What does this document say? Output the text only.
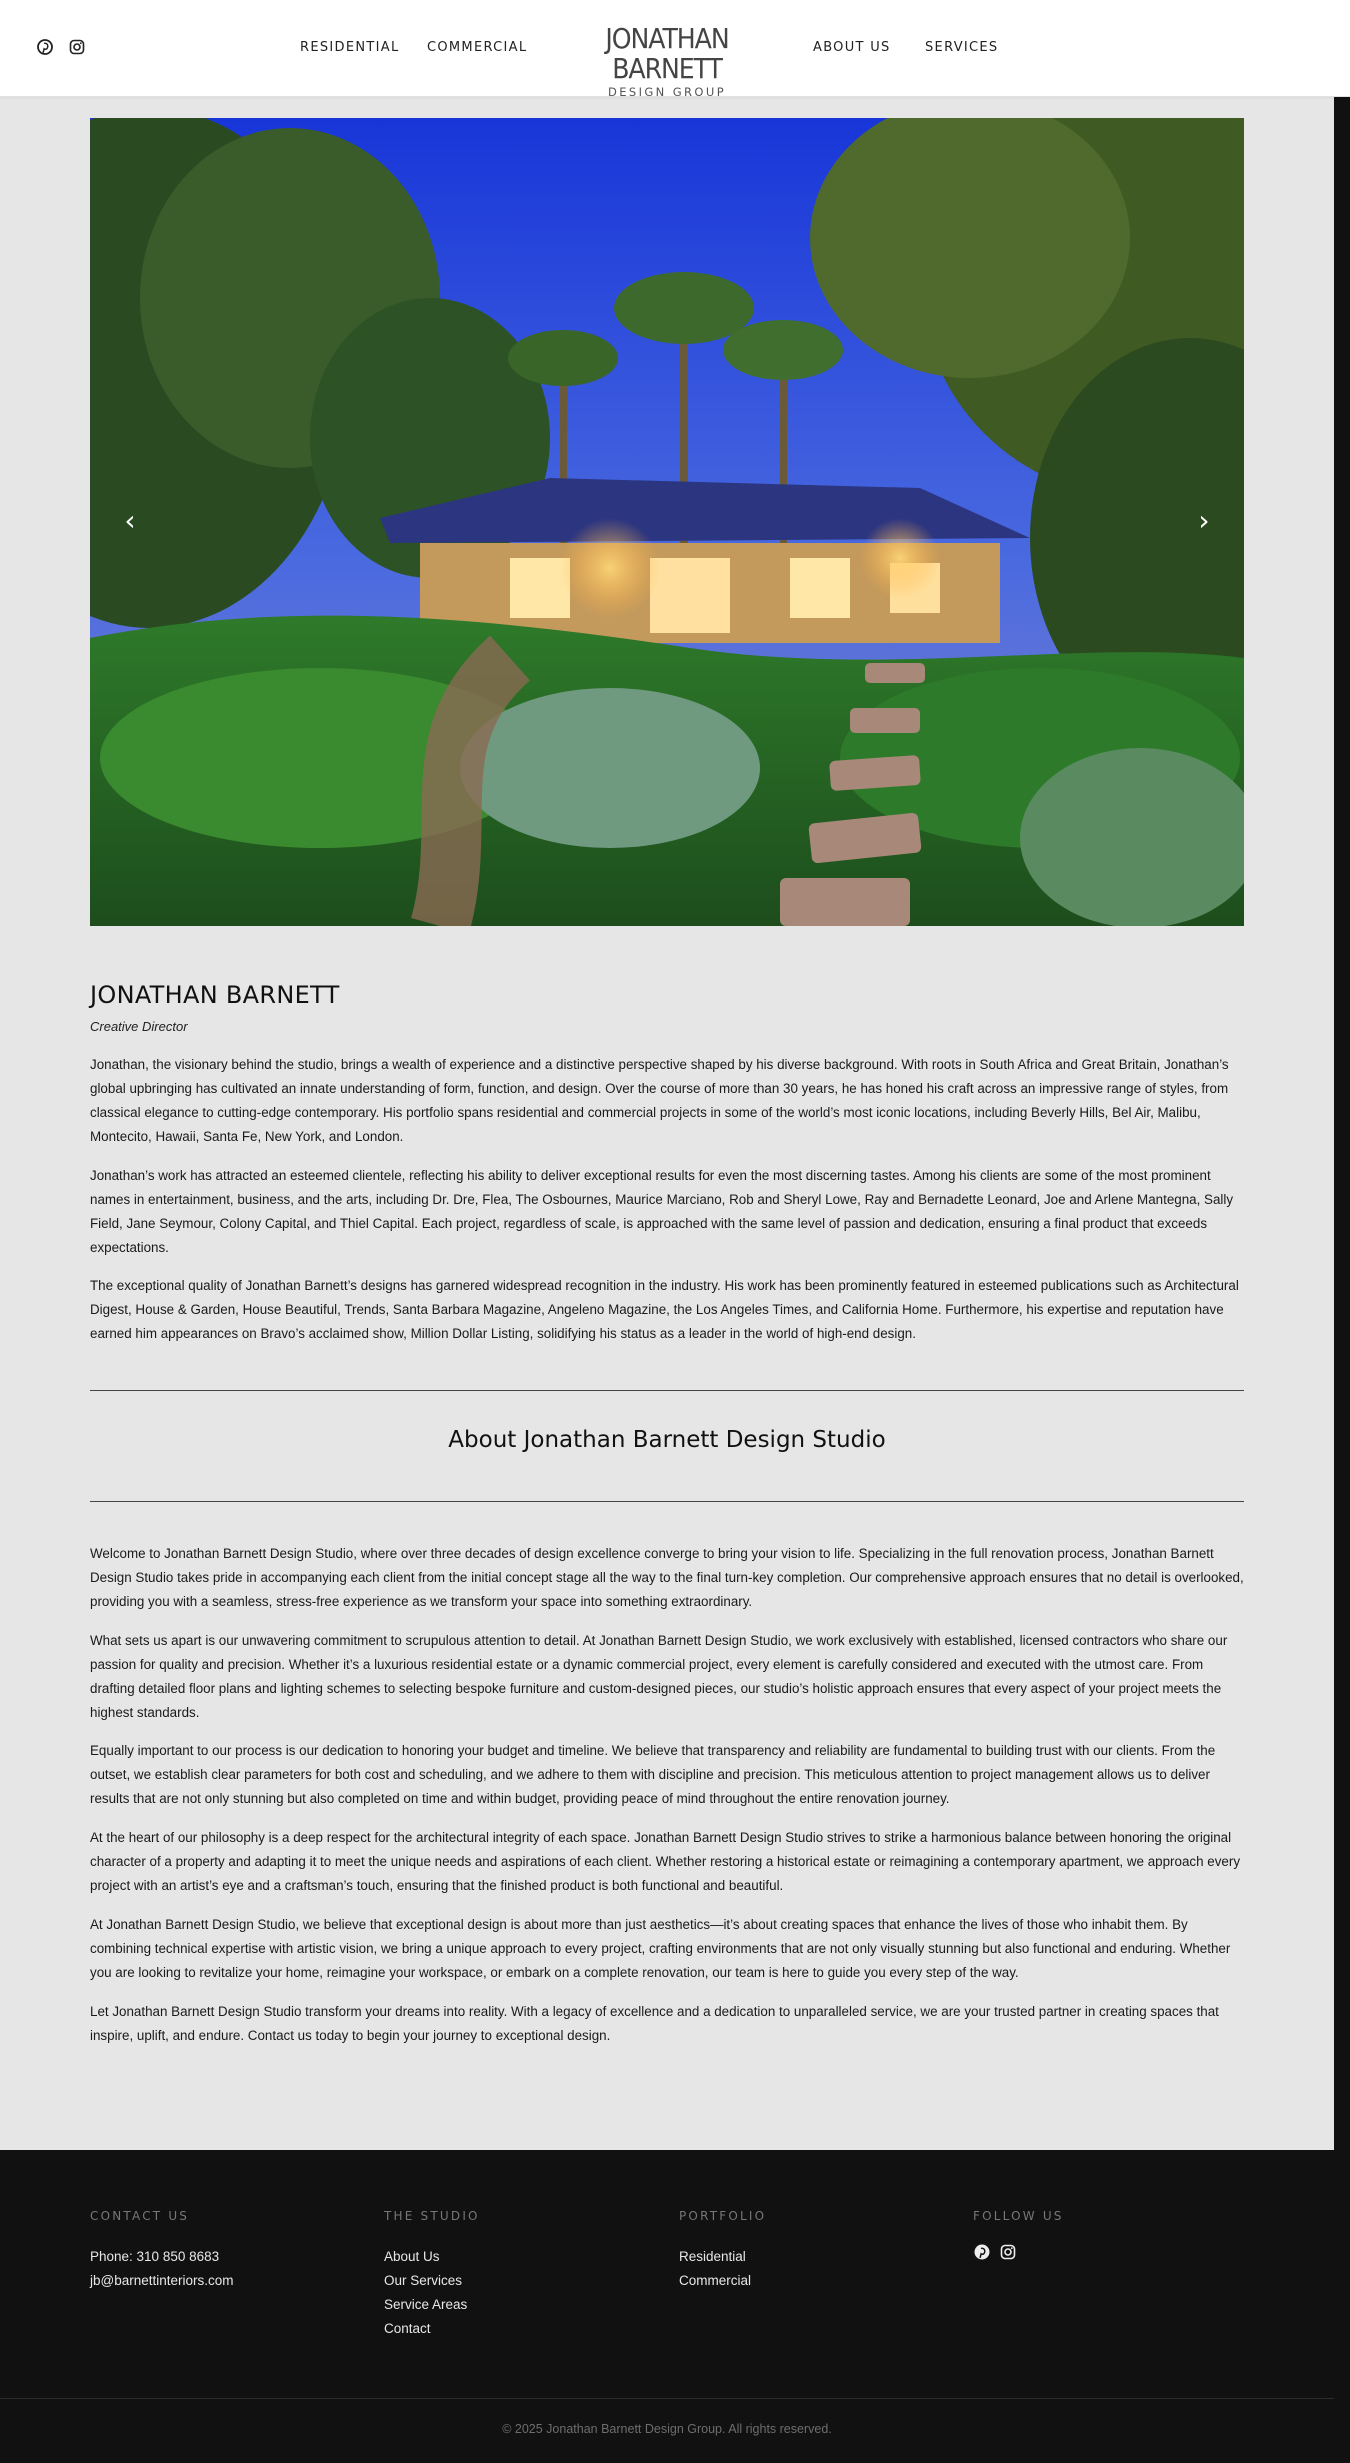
RESIDENTIAL COMMERCIAL	JONATHAN BARNETT
DESIGN GROUP
ABOUT US	SERVICES
‹	›
JONATHAN BARNETT
Creative Director

Jonathan, the visionary behind the studio, brings a wealth of experience and a distinctive perspective shaped by his diverse background. With roots in South Africa and Great Britain, Jonathan’s global upbringing has cultivated an innate understanding of form, function, and design. Over the course of more than 30 years, he has honed his craft across an impressive range of styles, from classical elegance to cutting-edge contemporary. His portfolio spans residential and commercial projects in some of the world’s most iconic locations, including Beverly Hills, Bel Air, Malibu, Montecito, Hawaii, Santa Fe, New York, and London.

Jonathan’s work has attracted an esteemed clientele, reflecting his ability to deliver exceptional results for even the most discerning tastes. Among his clients are some of the most prominent names in entertainment, business, and the arts, including Dr. Dre, Flea, The Osbournes, Maurice Marciano, Rob and Sheryl Lowe, Ray and Bernadette Leonard, Joe and Arlene Mantegna, Sally Field, Jane Seymour, Colony Capital, and Thiel Capital. Each project, regardless of scale, is approached with the same level of passion and dedication, ensuring a final product that exceeds expectations.

The exceptional quality of Jonathan Barnett’s designs has garnered widespread recognition in the industry. His work has been prominently featured in esteemed publications such as Architectural Digest, House & Garden, House Beautiful, Trends, Santa Barbara Magazine, Angeleno Magazine, the Los Angeles Times, and California Home. Furthermore, his expertise and reputation have earned him appearances on Bravo’s acclaimed show, Million Dollar Listing, solidifying his status as a leader in the world of high-end design.

About Jonathan Barnett Design Studio

Welcome to Jonathan Barnett Design Studio, where over three decades of design excellence converge to bring your vision to life. Specializing in the full renovation process, Jonathan Barnett Design Studio takes pride in accompanying each client from the initial concept stage all the way to the final turn-key completion. Our comprehensive approach ensures that no detail is overlooked, providing you with a seamless, stress-free experience as we transform your space into something extraordinary.

What sets us apart is our unwavering commitment to scrupulous attention to detail. At Jonathan Barnett Design Studio, we work exclusively with established, licensed contractors who share our passion for quality and precision. Whether it’s a luxurious residential estate or a dynamic commercial project, every element is carefully considered and executed with the utmost care. From drafting detailed floor plans and lighting schemes to selecting bespoke furniture and custom-designed pieces, our studio’s holistic approach ensures that every aspect of your project meets the highest standards.

Equally important to our process is our dedication to honoring your budget and timeline. We believe that transparency and reliability are fundamental to building trust with our clients. From the outset, we establish clear parameters for both cost and scheduling, and we adhere to them with discipline and precision. This meticulous attention to project management allows us to deliver results that are not only stunning but also completed on time and within budget, providing peace of mind throughout the entire renovation journey.

At the heart of our philosophy is a deep respect for the architectural integrity of each space. Jonathan Barnett Design Studio strives to strike a harmonious balance between honoring the original character of a property and adapting it to meet the unique needs and aspirations of each client. Whether restoring a historical estate or reimagining a contemporary apartment, we approach every project with an artist’s eye and a craftsman’s touch, ensuring that the finished product is both functional and beautiful.

At Jonathan Barnett Design Studio, we believe that exceptional design is about more than just aesthetics—it’s about creating spaces that enhance the lives of those who inhabit them. By combining technical expertise with artistic vision, we bring a unique approach to every project, crafting environments that are not only visually stunning but also functional and enduring. Whether you are looking to revitalize your home, reimagine your workspace, or embark on a complete renovation, our team is here to guide you every step of the way.

Let Jonathan Barnett Design Studio transform your dreams into reality. With a legacy of excellence and a dedication to unparalleled service, we are your trusted partner in creating spaces that inspire, uplift, and endure. Contact us today to begin your journey to exceptional design.

CONTACT US
Phone: 310 850 8683
jb@barnettinteriors.com
THE STUDIO
About Us
Our Services
Service Areas
Contact
PORTFOLIO
Residential
Commercial
FOLLOW US
© 2025 Jonathan Barnett Design Group. All rights reserved.
